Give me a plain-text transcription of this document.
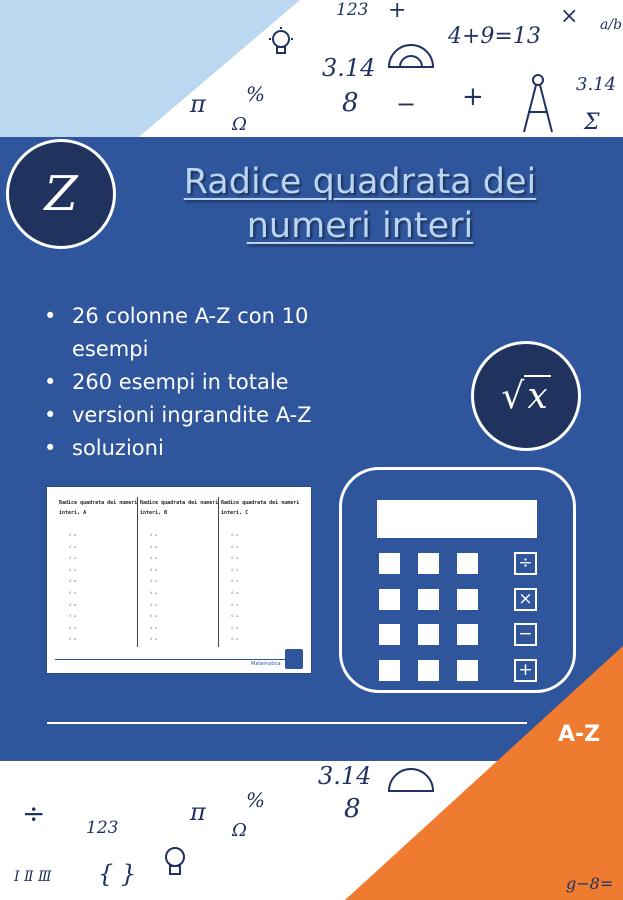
123 +
4+9=13
3.14
8 − +
π %
Ω	Σ
× a/b
3.14
3.14
÷ 123
π	8
%
Ω
{ }
Ⅰ Ⅱ Ⅲ	g−8=
Z	Radice quadrata dei
numeri interi
• 26 colonne A-Z con 10 esempi
• 260 esempi in totale
• versioni ingrandite A-Z
• soluzioni
√ x
Radice quadrata dei numeri interi, A
√ =
√ =
√ =
√ =
√ =
√ =
√ =
√ =
√ =
√ =
Radice quadrata dei numeri interi, B
√ =
√ =
√ =
√ =
√ =
√ =
√ =
√ =
√ =
√ =
Radice quadrata dei numeri interi, C
√ =
√ =
√ =
√ =
√ =
√ =
√ =
√ =
√ =
√ =
Matematica
÷
×
−
+
A-Z
